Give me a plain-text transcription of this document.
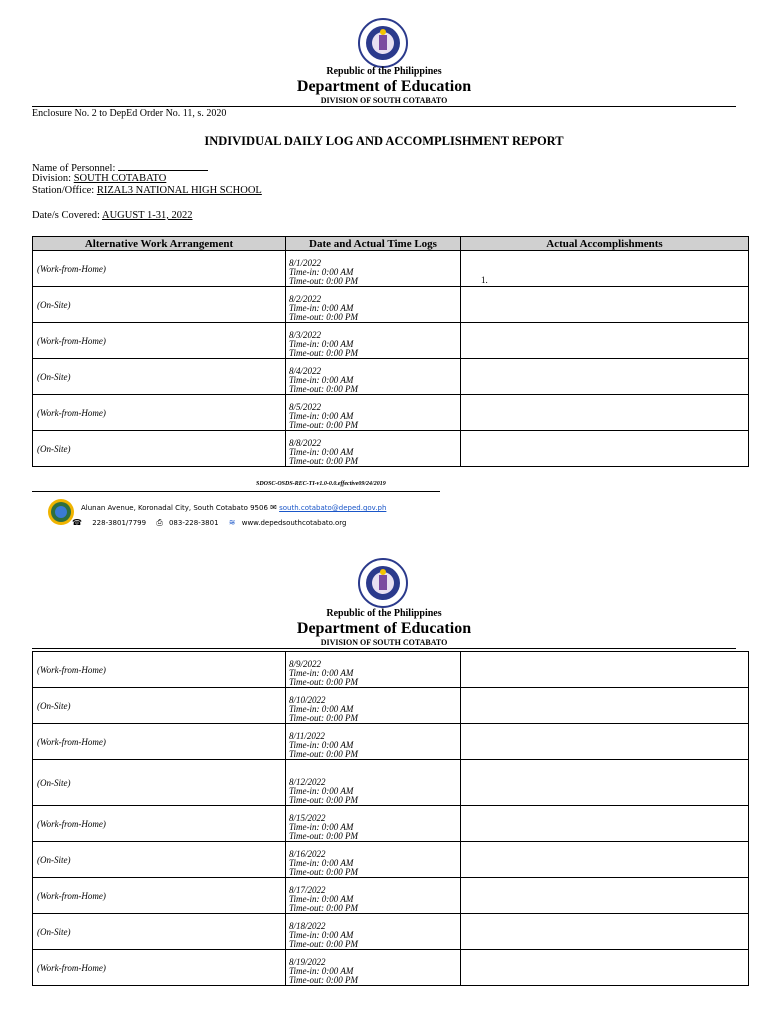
Republic of the Philippines
Department of Education
DIVISION OF SOUTH COTABATO
Enclosure No. 2 to DepEd Order No. 11, s. 2020
INDIVIDUAL DAILY LOG AND ACCOMPLISHMENT REPORT
Name of Personnel:
Division: SOUTH COTABATO
Station/Office: RIZAL3 NATIONAL HIGH SCHOOL
Date/s Covered: AUGUST 1-31, 2022
Alternative Work Arrangement	Date and Actual Time Logs	Actual Accomplishments
(Work-from-Home)	8/1/2022
Time-in: 0:00 AM
Time-out: 0:00 PM	1.
(On-Site)	8/2/2022
Time-in: 0:00 AM
Time-out: 0:00 PM	

(Work-from-Home)	8/3/2022
Time-in: 0:00 AM
Time-out: 0:00 PM	

(On-Site)	8/4/2022
Time-in: 0:00 AM
Time-out: 0:00 PM	

(Work-from-Home)	8/5/2022
Time-in: 0:00 AM
Time-out: 0:00 PM	

(On-Site)	8/8/2022
Time-in: 0:00 AM
Time-out: 0:00 PM	

SDOSC-OSDS-REC-TI-v1.0-0.0.effective09/24/2019
Alunan Avenue, Koronadal City, South Cotabato 9506 ✉ south.cotabato@deped.gov.ph
☎ 228-3801/7799 ⎙ 083-228-3801 ≋ www.depedsouthcotabato.org
Republic of the Philippines
Department of Education
DIVISION OF SOUTH COTABATO
(Work-from-Home)	8/9/2022
Time-in: 0:00 AM
Time-out: 0:00 PM	

(On-Site)	8/10/2022
Time-in: 0:00 AM
Time-out: 0:00 PM	

(Work-from-Home)	8/11/2022
Time-in: 0:00 AM
Time-out: 0:00 PM	

(On-Site)	8/12/2022
Time-in: 0:00 AM
Time-out: 0:00 PM	

(Work-from-Home)	8/15/2022
Time-in: 0:00 AM
Time-out: 0:00 PM	

(On-Site)	8/16/2022
Time-in: 0:00 AM
Time-out: 0:00 PM	

(Work-from-Home)	8/17/2022
Time-in: 0:00 AM
Time-out: 0:00 PM	

(On-Site)	8/18/2022
Time-in: 0:00 AM
Time-out: 0:00 PM	

(Work-from-Home)	8/19/2022
Time-in: 0:00 AM
Time-out: 0:00 PM	
